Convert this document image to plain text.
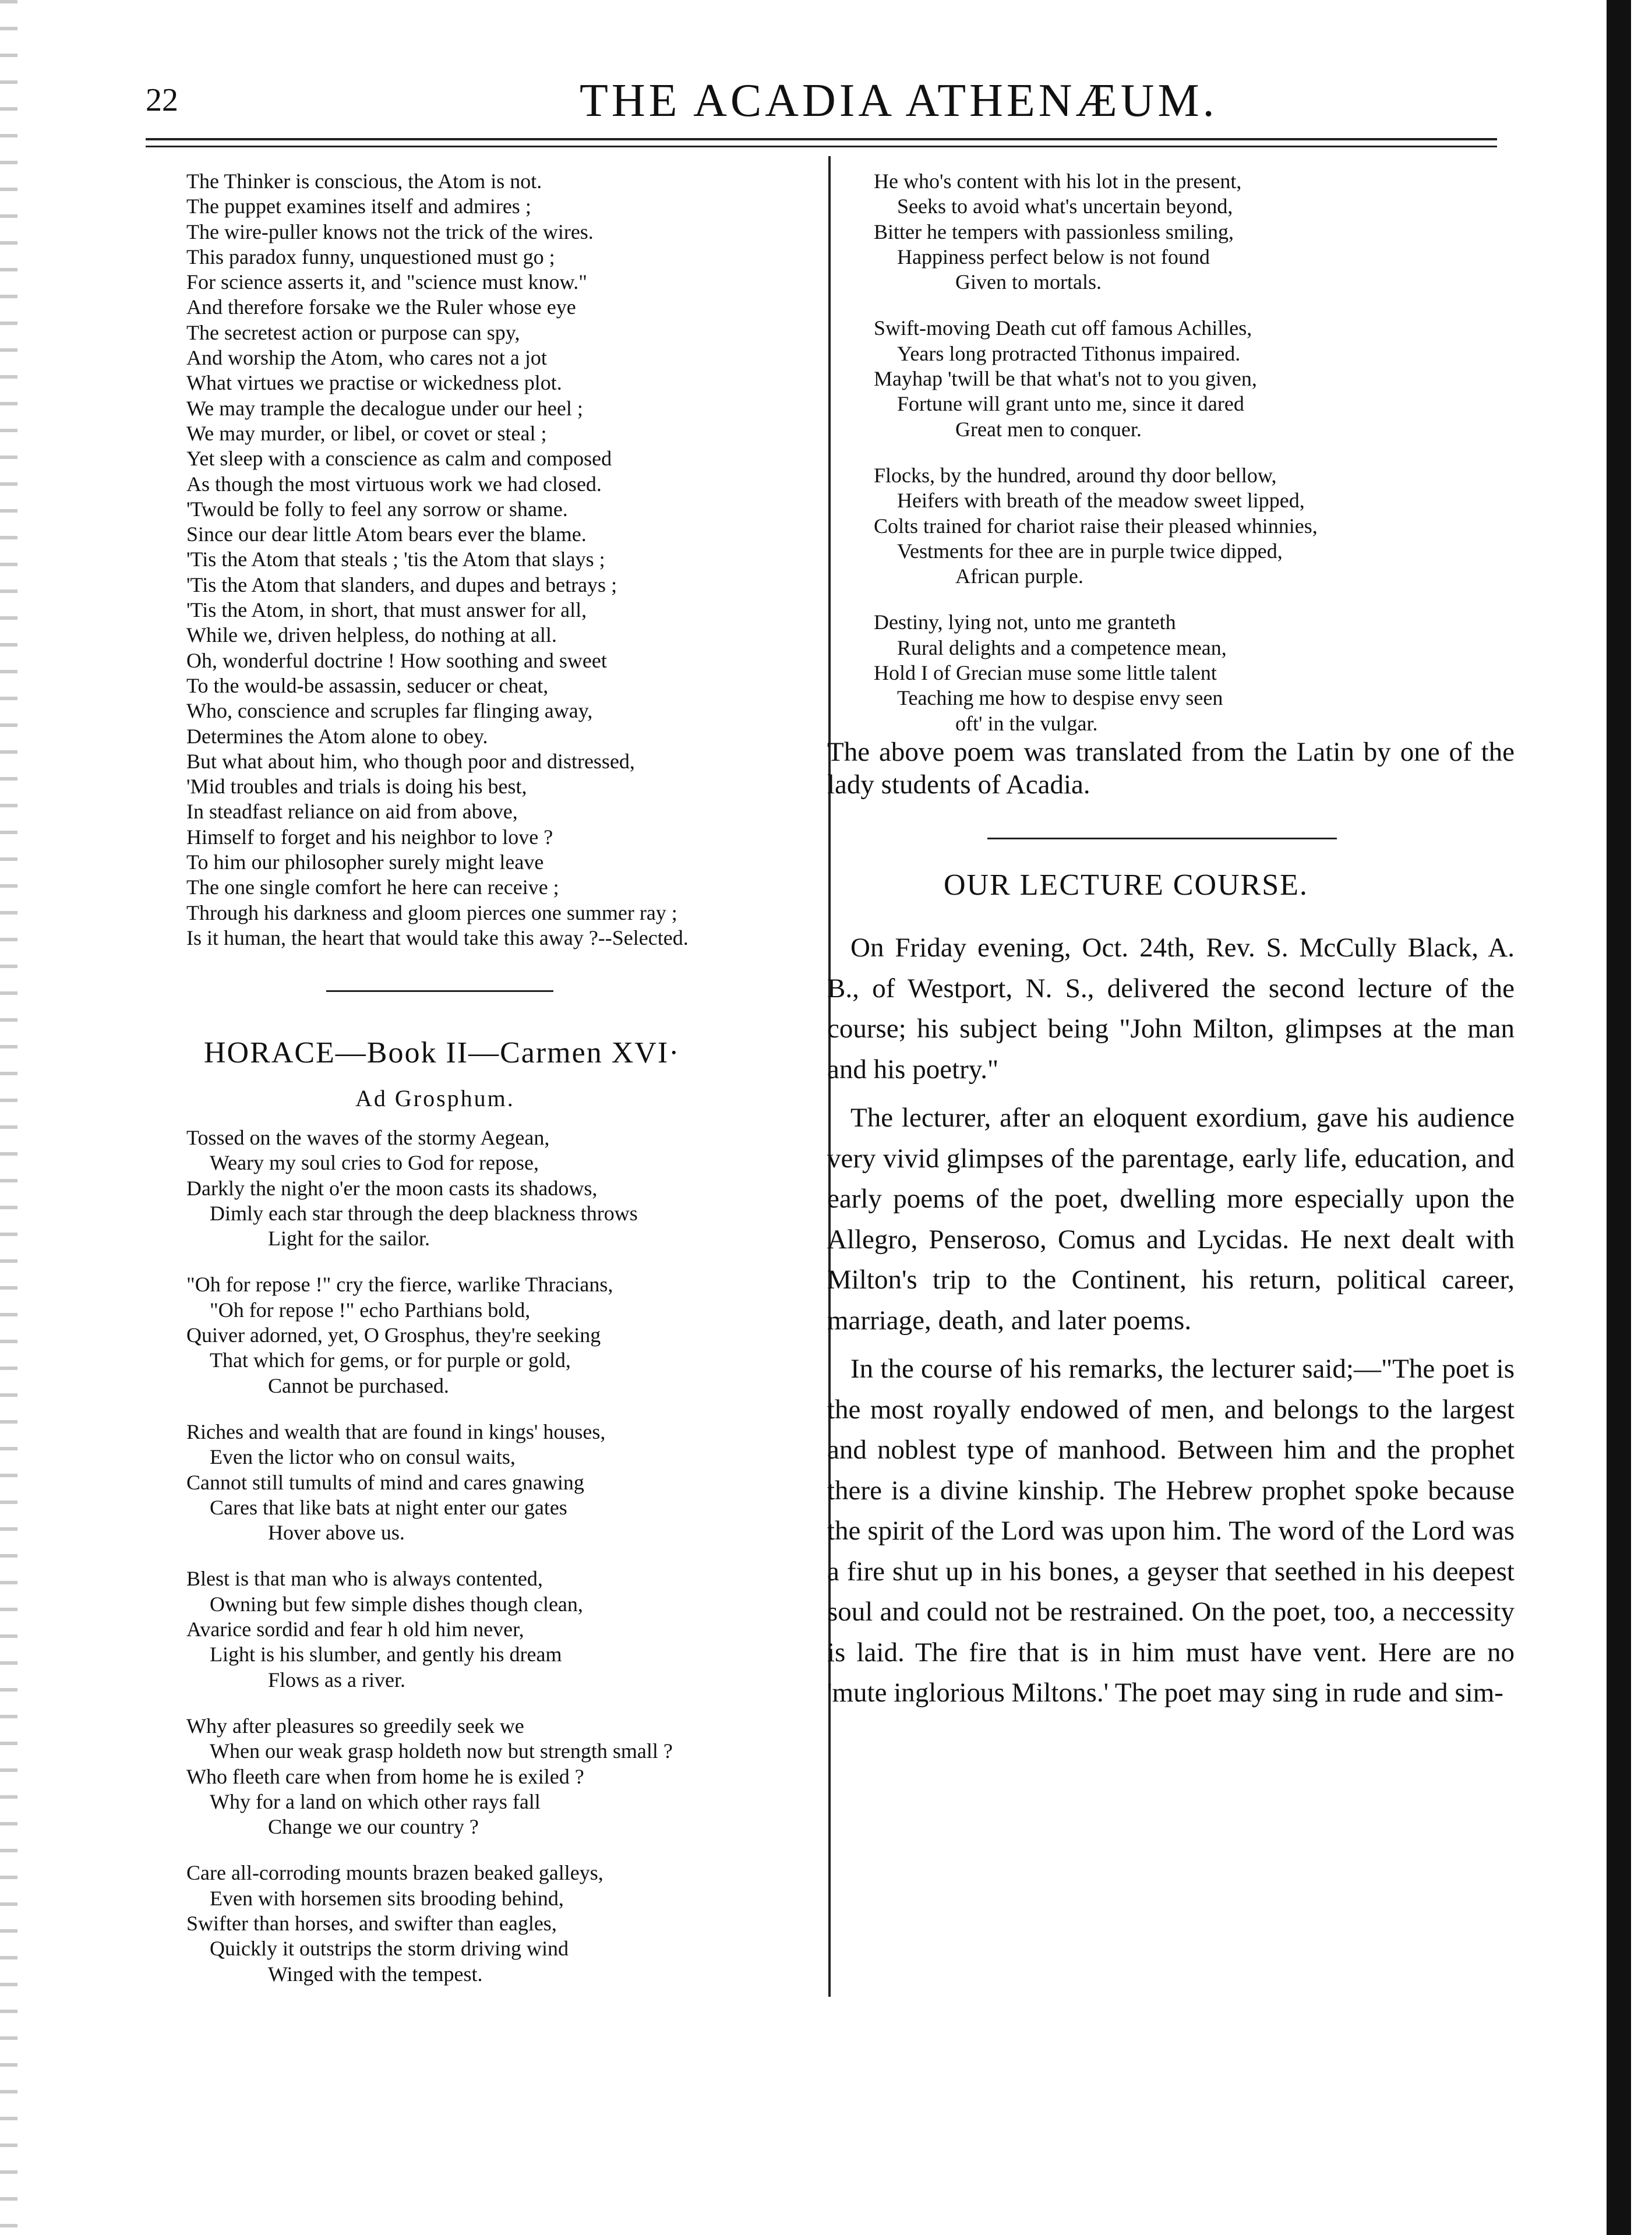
22	THE ACADIA ATHENÆUM.
The Thinker is conscious, the Atom is not.
The puppet examines itself and admires ;
The wire-puller knows not the trick of the wires.
This paradox funny, unquestioned must go ;
For science asserts it, and "science must know."
And therefore forsake we the Ruler whose eye
The secretest action or purpose can spy,
And worship the Atom, who cares not a jot
What virtues we practise or wickedness plot.
We may trample the decalogue under our heel ;
We may murder, or libel, or covet or steal ;
Yet sleep with a conscience as calm and composed
As though the most virtuous work we had closed.
'Twould be folly to feel any sorrow or shame.
Since our dear little Atom bears ever the blame.
'Tis the Atom that steals ; 'tis the Atom that slays ;
'Tis the Atom that slanders, and dupes and betrays ;
'Tis the Atom, in short, that must answer for all,
While we, driven helpless, do nothing at all.
Oh, wonderful doctrine ! How soothing and sweet
To the would-be assassin, seducer or cheat,
Who, conscience and scruples far flinging away,
Determines the Atom alone to obey.
But what about him, who though poor and distressed,
'Mid troubles and trials is doing his best,
In steadfast reliance on aid from above,
Himself to forget and his neighbor to love ?
To him our philosopher surely might leave
The one single comfort he here can receive ;
Through his darkness and gloom pierces one summer ray ;
Is it human, the heart that would take this away ?--Selected.
HORACE—Book II—Carmen XVI·
Ad Grosphum.
Tossed on the waves of the stormy Aegean,
Weary my soul cries to God for repose,
Darkly the night o'er the moon casts its shadows,
Dimly each star through the deep blackness throws
Light for the sailor.
"Oh for repose !" cry the fierce, warlike Thracians,
"Oh for repose !" echo Parthians bold,
Quiver adorned, yet, O Grosphus, they're seeking
That which for gems, or for purple or gold,
Cannot be purchased.
Riches and wealth that are found in kings' houses,
Even the lictor who on consul waits,
Cannot still tumults of mind and cares gnawing
Cares that like bats at night enter our gates
Hover above us.
Blest is that man who is always contented,
Owning but few simple dishes though clean,
Avarice sordid and fear h old him never,
Light is his slumber, and gently his dream
Flows as a river.
Why after pleasures so greedily seek we
When our weak grasp holdeth now but strength small ?
Who fleeth care when from home he is exiled ?
Why for a land on which other rays fall
Change we our country ?
Care all-corroding mounts brazen beaked galleys,
Even with horsemen sits brooding behind,
Swifter than horses, and swifter than eagles,
Quickly it outstrips the storm driving wind
Winged with the tempest.
He who's content with his lot in the present,
Seeks to avoid what's uncertain beyond,
Bitter he tempers with passionless smiling,
Happiness perfect below is not found
Given to mortals.
Swift-moving Death cut off famous Achilles,
Years long protracted Tithonus impaired.
Mayhap 'twill be that what's not to you given,
Fortune will grant unto me, since it dared
Great men to conquer.
Flocks, by the hundred, around thy door bellow,
Heifers with breath of the meadow sweet lipped,
Colts trained for chariot raise their pleased whinnies,
Vestments for thee are in purple twice dipped,
African purple.
Destiny, lying not, unto me granteth
Rural delights and a competence mean,
Hold I of Grecian muse some little talent
Teaching me how to despise envy seen
oft' in the vulgar.
The above poem was translated from the Latin by one of the lady students of Acadia.
OUR LECTURE COURSE.

On Friday evening, Oct. 24th, Rev. S. McCully Black, A. B., of Westport, N. S., delivered the second lecture of the course; his subject being "John Milton, glimpses at the man and his poetry."

The lecturer, after an eloquent exordium, gave his audience very vivid glimpses of the parentage, early life, education, and early poems of the poet, dwelling more especially upon the Allegro, Penseroso, Comus and Lycidas. He next dealt with Milton's trip to the Continent, his return, political career, marriage, death, and later poems.

In the course of his remarks, the lecturer said;—"The poet is the most royally endowed of men, and belongs to the largest and noblest type of manhood. Between him and the prophet there is a divine kinship. The Hebrew prophet spoke because the spirit of the Lord was upon him. The word of the Lord was a fire shut up in his bones, a geyser that seethed in his deepest soul and could not be restrained. On the poet, too, a neccessity is laid. The fire that is in him must have vent. Here are no 'mute inglorious Miltons.' The poet may sing in rude and sim-
